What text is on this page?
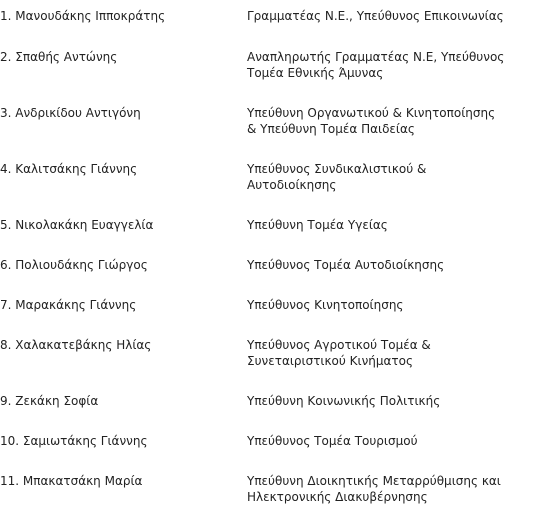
1. Μανουδάκης Ιπποκράτης	Γραμματέας Ν.Ε., Υπεύθυνος Επικοινωνίας
2. Σπαθής Αντώνης	Αναπληρωτής Γραμματέας Ν.Ε, Υπεύθυνος
Τομέα Εθνικής Άμυνας
3. Ανδρικίδου Αντιγόνη	Υπεύθυνη Οργανωτικού & Κινητοποίησης
& Υπεύθυνη Τομέα Παιδείας
4. Καλιτσάκης Γιάννης	Υπεύθυνος Συνδικαλιστικού &
Αυτοδιοίκησης
5. Νικολακάκη Ευαγγελία	Υπεύθυνη Τομέα Υγείας
6. Πολιουδάκης Γιώργος	Υπεύθυνος Τομέα Αυτοδιοίκησης
7. Μαρακάκης Γιάννης	Υπεύθυνος Κινητοποίησης
8. Χαλακατεβάκης Ηλίας	Υπεύθυνος Αγροτικού Τομέα &
Συνεταιριστικού Κινήματος
9. Ζεκάκη Σοφία	Υπεύθυνη Κοινωνικής Πολιτικής
10. Σαμιωτάκης Γιάννης	Υπεύθυνος Τομέα Τουρισμού
11. Μπακατσάκη Μαρία	Υπεύθυνη Διοικητικής Μεταρρύθμισης και
Ηλεκτρονικής Διακυβέρνησης
